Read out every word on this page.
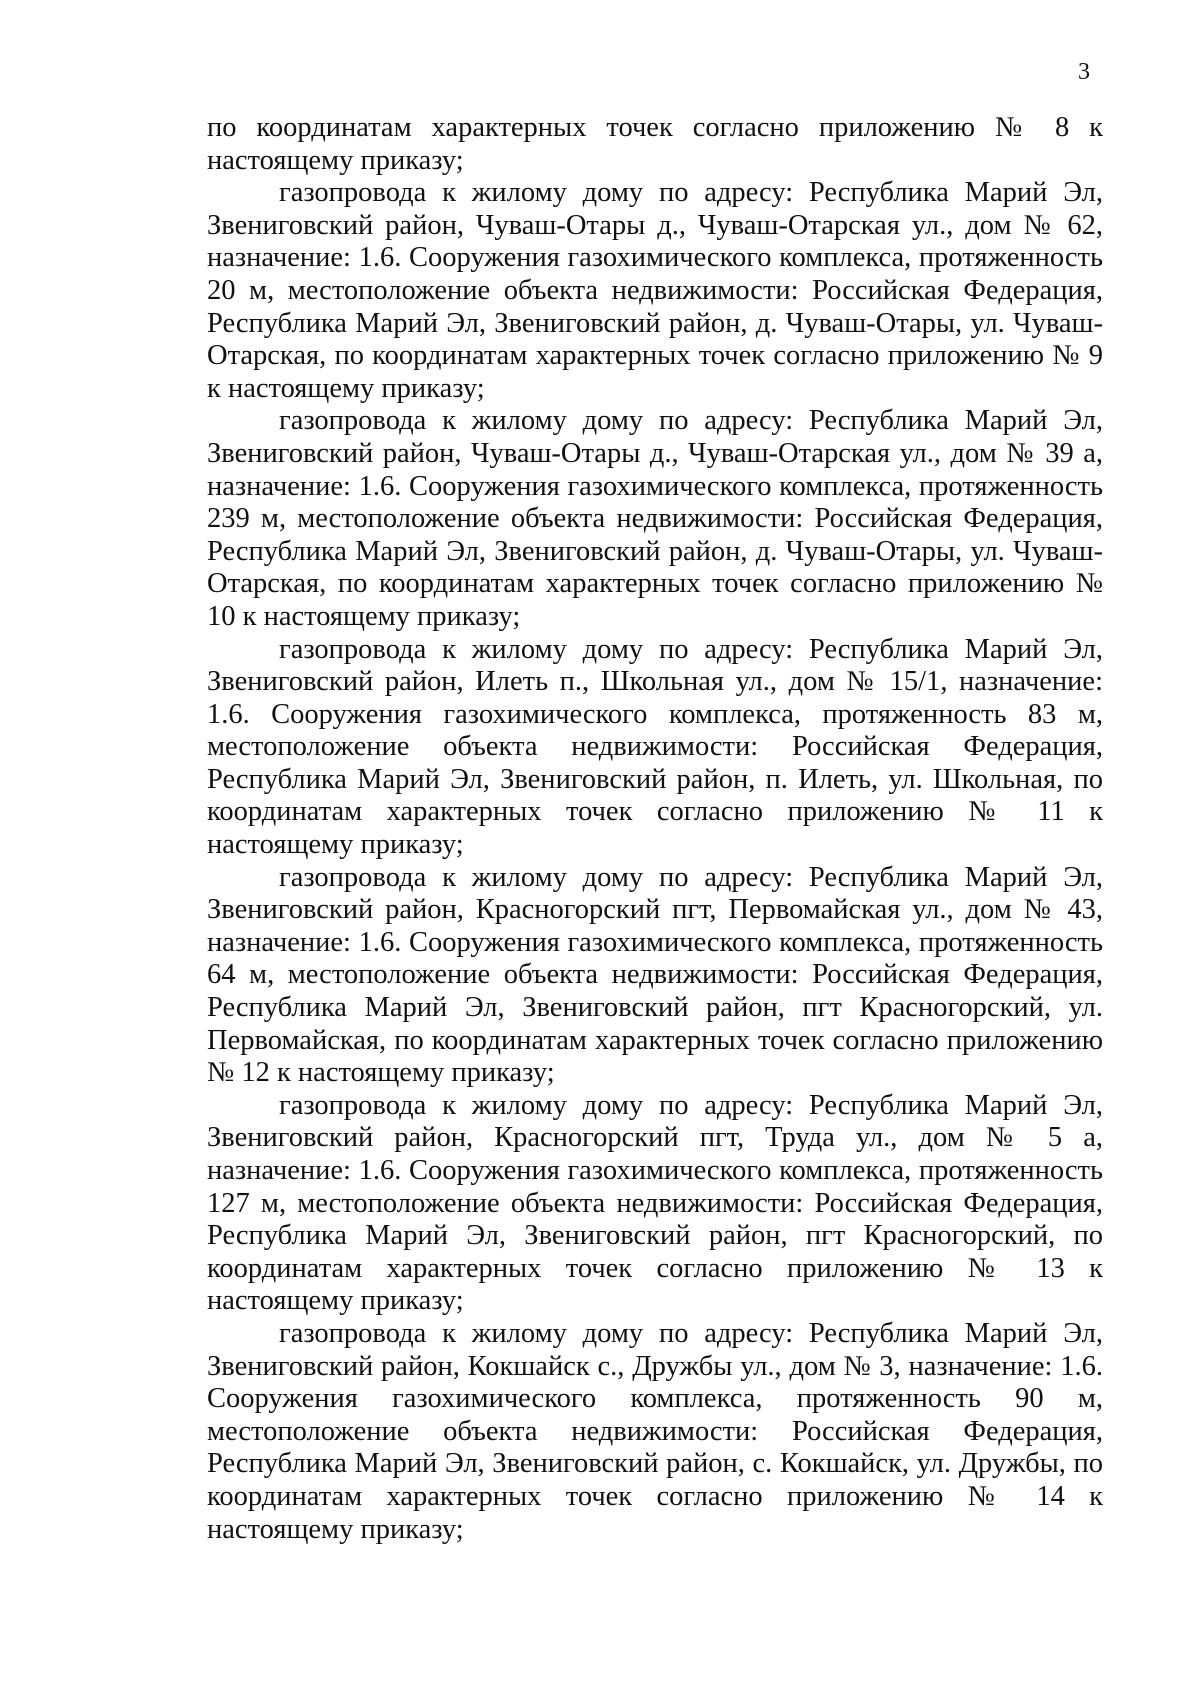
3

по координатам характерных точек согласно приложению № 8 к настоящему приказу;

газопровода к жилому дому по адресу: Республика Марий Эл, Звениговский район, Чуваш-Отары д., Чуваш-Отарская ул., дом № 62, назначение: 1.6. Сооружения газохимического комплекса, протяженность 20 м, местоположение объекта недвижимости: Российская Федерация, Республика Марий Эл, Звениговский район, д. Чуваш-Отары, ул. Чуваш-Отарская, по координатам характерных точек согласно приложению № 9 к настоящему приказу;

газопровода к жилому дому по адресу: Республика Марий Эл, Звениговский район, Чуваш-Отары д., Чуваш-Отарская ул., дом № 39 а, назначение: 1.6. Сооружения газохимического комплекса, протяженность 239 м, местоположение объекта недвижимости: Российская Федерация, Республика Марий Эл, Звениговский район, д. Чуваш-Отары, ул. Чуваш-Отарская, по координатам характерных точек согласно приложению № 10 к настоящему приказу;

газопровода к жилому дому по адресу: Республика Марий Эл, Звениговский район, Илеть п., Школьная ул., дом № 15/1, назначение: 1.6. Сооружения газохимического комплекса, протяженность 83 м, местоположение объекта недвижимости: Российская Федерация, Республика Марий Эл, Звениговский район, п. Илеть, ул. Школьная, по координатам характерных точек согласно приложению № 11 к настоящему приказу;

газопровода к жилому дому по адресу: Республика Марий Эл, Звениговский район, Красногорский пгт, Первомайская ул., дом № 43, назначение: 1.6. Сооружения газохимического комплекса, протяженность 64 м, местоположение объекта недвижимости: Российская Федерация, Республика Марий Эл, Звениговский район, пгт Красногорский, ул. Первомайская, по координатам характерных точек согласно приложению № 12 к настоящему приказу;

газопровода к жилому дому по адресу: Республика Марий Эл, Звениговский район, Красногорский пгт, Труда ул., дом № 5 а, назначение: 1.6. Сооружения газохимического комплекса, протяженность 127 м, местоположение объекта недвижимости: Российская Федерация, Республика Марий Эл, Звениговский район, пгт Красногорский, по координатам характерных точек согласно приложению № 13 к настоящему приказу;

газопровода к жилому дому по адресу: Республика Марий Эл, Звениговский район, Кокшайск с., Дружбы ул., дом № 3, назначение: 1.6. Сооружения газохимического комплекса, протяженность 90 м, местоположение объекта недвижимости: Российская Федерация, Республика Марий Эл, Звениговский район, с. Кокшайск, ул. Дружбы, по координатам характерных точек согласно приложению № 14 к настоящему приказу;
